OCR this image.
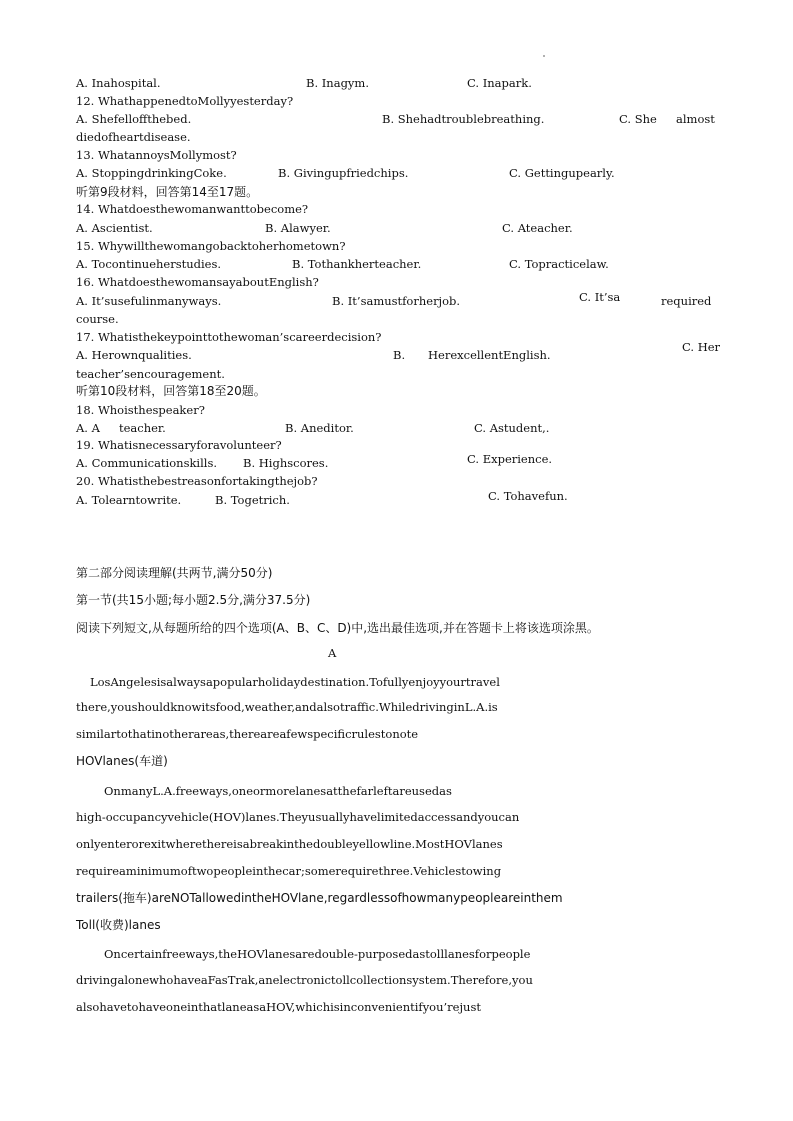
A. Inahospital.	B. Inagym.	C. Inapark.
12. WhathappenedtoMollyyesterday?
A. Shefelloffthebed.	B. Shehadtroublebreathing.	C. She almost
diedofheartdisease.
13. WhatannoysMollymost?
A. StoppingdrinkingCoke.	B. Givingupfriedchips.	C. Gettingupearly.
听第9段材料，回答第14至17题。
14. Whatdoesthewomanwanttobecome?
A. Ascientist.	B. Alawyer.	C. Ateacher.
15. Whywillthewomangobacktoherhometown?
A. Tocontinueherstudies.	B. Tothankherteacher.	C. Topracticelaw.
16. WhatdoesthewomansayaboutEnglish?
A. It’susefulinmanyways.	B. It’samustforherjob.	C. It’sa	required
course.
17. Whatisthekeypointtothewoman’scareerdecision?
A. Herownqualities.	B. HerexcellentEnglish.
C. Her
teacher’sencouragement.
听第10段材料，回答第18至20题。
18. Whoisthespeaker?
A. A teacher.	B. Aneditor.	C. Astudent,.
19. Whatisnecessaryforavolunteer?
A. Communicationskills. B. Highscores.	C. Experience.
20. Whatisthebestreasonfortakingthejob?
A. Tolearntowrite.	B. Togetrich.	C. Tohavefun.
第二部分阅读理解(共两节,满分50分)
第一节(共15小题;每小题2.5分,满分37.5分)
阅读下列短文,从每题所给的四个选项(A、B、C、D)中,选出最佳选项,并在答题卡上将该选项涂黑。
A
LosAngelesisalwaysapopularholidaydestination.Tofullyenjoyyourtravel
there,youshouldknowitsfood,weather,andalsotraffic.WhiledrivinginL.A.is
similartothatinotherareas,thereareafewspecificrulestonote
HOVlanes(车道)
OnmanyL.A.freeways,oneormorelanesatthefarleftareusedas
high-occupancyvehicle(HOV)lanes.Theyusuallyhavelimitedaccessandyoucan
onlyenterorexitwherethereisabreakinthedoubleyellowline.MostHOVlanes
requireaminimumoftwopeopleinthecar;somerequirethree.Vehiclestowing
trailers(拖车)areNOTallowedintheHOVlane,regardlessofhowmanypeopleareinthem
Toll(收费)lanes
Oncertainfreeways,theHOVlanesaredouble-purposedastolllanesforpeople
drivingalonewhohaveaFasTrak,anelectronictollcollectionsystem.Therefore,you
alsohavetohaveoneinthatlaneasaHOV,whichisinconvenientifyou’rejust
